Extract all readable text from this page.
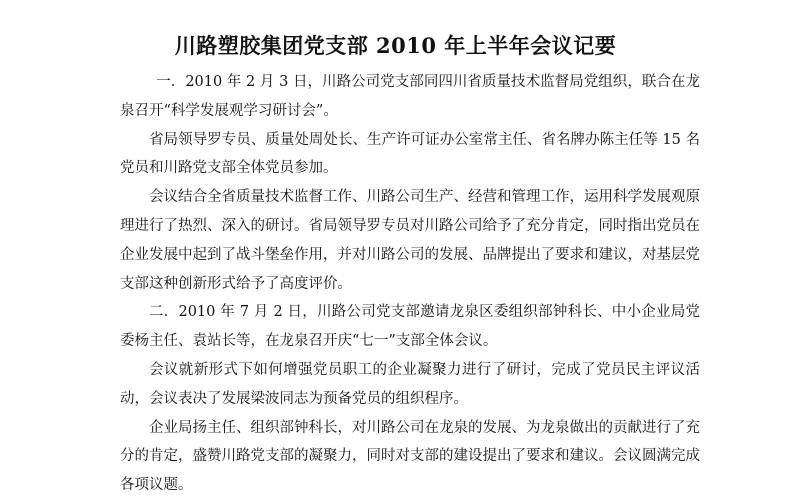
川路塑胶集团党支部 2010 年上半年会议记要

一．2010 年 2 月 3 日，川路公司党支部同四川省质量技术监督局党组织，联合在龙泉召开“科学发展观学习研讨会”。

省局领导罗专员、质量处周处长、生产许可证办公室常主任、省名牌办陈主任等 15 名党员和川路党支部全体党员参加。

会议结合全省质量技术监督工作、川路公司生产、经营和管理工作，运用科学发展观原理进行了热烈、深入的研讨。省局领导罗专员对川路公司给予了充分肯定，同时指出党员在企业发展中起到了战斗堡垒作用，并对川路公司的发展、品牌提出了要求和建议，对基层党支部这种创新形式给予了高度评价。

二．2010 年 7 月 2 日，川路公司党支部邀请龙泉区委组织部钟科长、中小企业局党委杨主任、袁站长等，在龙泉召开庆“七一”支部全体会议。

会议就新形式下如何增强党员职工的企业凝聚力进行了研讨，完成了党员民主评议活动，会议表决了发展梁波同志为预备党员的组织程序。

企业局扬主任、组织部钟科长，对川路公司在龙泉的发展、为龙泉做出的贡献进行了充分的肯定，盛赞川路党支部的凝聚力，同时对支部的建设提出了要求和建议。会议圆满完成各项议题。
